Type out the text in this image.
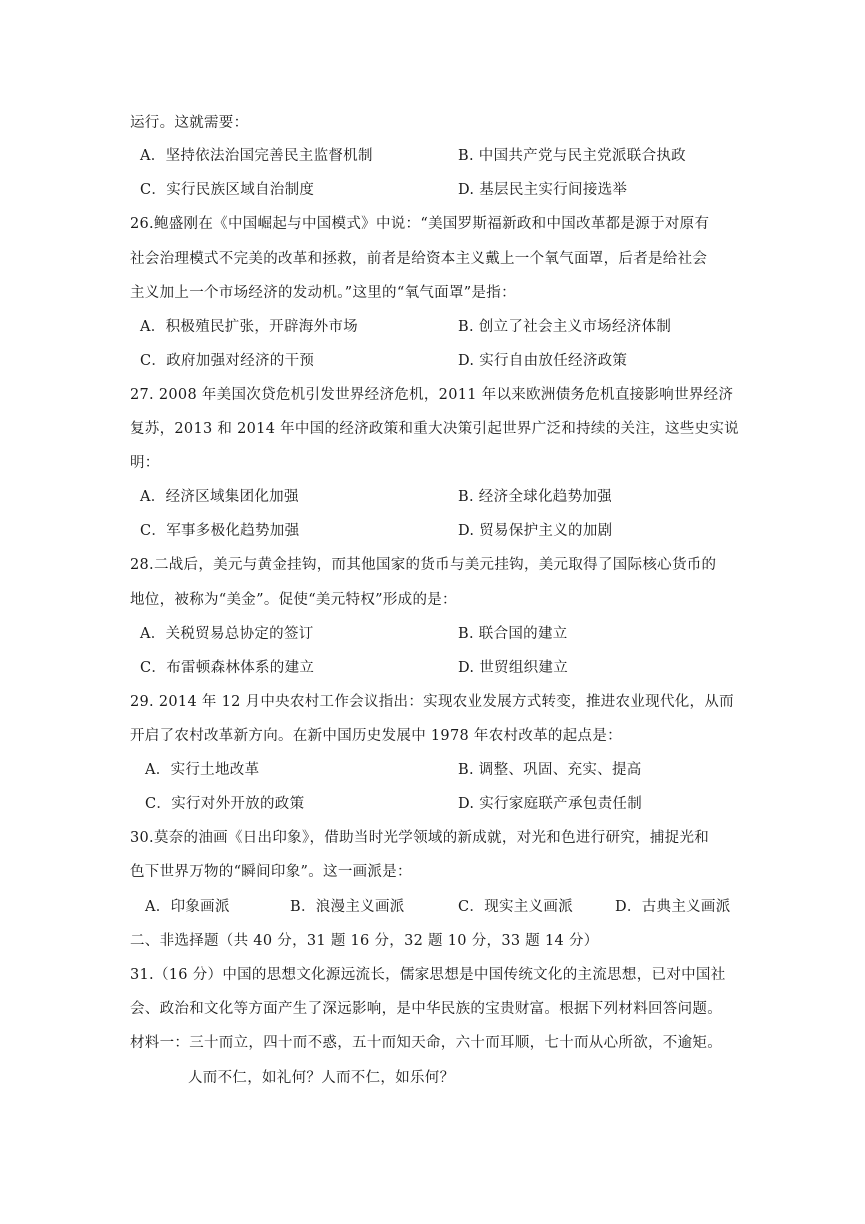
运行。这就需要：
A．坚持依法治国完善民主监督机制	B. 中国共产党与民主党派联合执政
C．实行民族区域自治制度	D. 基层民主实行间接选举
26.鲍盛刚在《中国崛起与中国模式》中说：“美国罗斯福新政和中国改革都是源于对原有
社会治理模式不完美的改革和拯救，前者是给资本主义戴上一个氧气面罩，后者是给社会
主义加上一个市场经济的发动机。”这里的“氧气面罩”是指：
A．积极殖民扩张，开辟海外市场	B. 创立了社会主义市场经济体制
C．政府加强对经济的干预	D. 实行自由放任经济政策
27. 2008 年美国次贷危机引发世界经济危机，2011 年以来欧洲债务危机直接影响世界经济
复苏，2013 和 2014 年中国的经济政策和重大决策引起世界广泛和持续的关注，这些史实说
明：
A．经济区域集团化加强	B. 经济全球化趋势加强
C．军事多极化趋势加强	D. 贸易保护主义的加剧
28.二战后，美元与黄金挂钩，而其他国家的货币与美元挂钩，美元取得了国际核心货币的
地位，被称为“美金”。促使“美元特权”形成的是：
A．关税贸易总协定的签订	B. 联合国的建立
C．布雷顿森林体系的建立	D. 世贸组织建立
29. 2014 年 12 月中央农村工作会议指出：实现农业发展方式转变，推进农业现代化，从而
开启了农村改革新方向。在新中国历史发展中 1978 年农村改革的起点是：
A．实行土地改革	B. 调整、巩固、充实、提高
C．实行对外开放的政策	D. 实行家庭联产承包责任制
30.莫奈的油画《日出印象》，借助当时光学领域的新成就，对光和色进行研究，捕捉光和
色下世界万物的“瞬间印象”。这一画派是：
A．印象画派	B．浪漫主义画派	C．现实主义画派	D．古典主义画派
二、非选择题（共 40 分，31 题 16 分，32 题 10 分，33 题 14 分）
31.（16 分）中国的思想文化源远流长，儒家思想是中国传统文化的主流思想，已对中国社
会、政治和文化等方面产生了深远影响，是中华民族的宝贵财富。根据下列材料回答问题。
材料一：三十而立，四十而不惑，五十而知天命，六十而耳顺，七十而从心所欲，不逾矩。
人而不仁，如礼何？人而不仁，如乐何？
